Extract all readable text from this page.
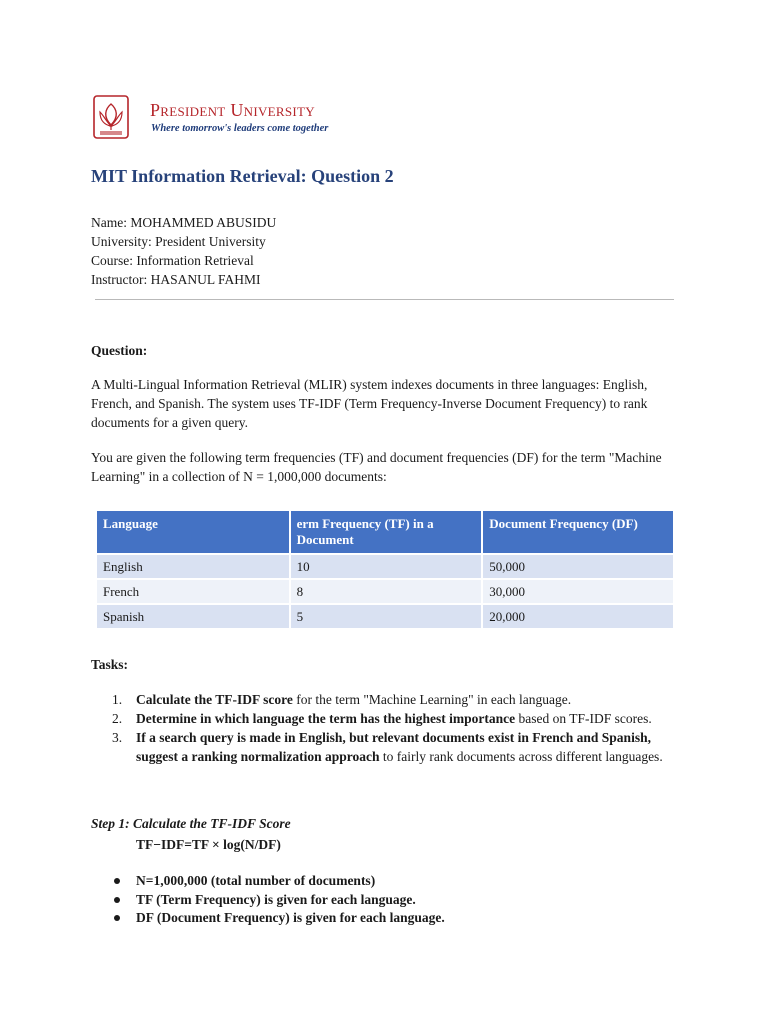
President University
Where tomorrow's leaders come together
MIT Information Retrieval: Question 2
Name: MOHAMMED ABUSIDU
University: President University
Course: Information Retrieval
Instructor: HASANUL FAHMI
Question:
A Multi-Lingual Information Retrieval (MLIR) system indexes documents in three languages: English, French, and Spanish. The system uses TF-IDF (Term Frequency-Inverse Document Frequency) to rank documents for a given query.
You are given the following term frequencies (TF) and document frequencies (DF) for the term "Machine Learning" in a collection of N = 1,000,000 documents:
Language	erm Frequency (TF) in a Document	Document Frequency (DF)
English	10	50,000
French	8	30,000
Spanish	5	20,000
Tasks:
1. Calculate the TF-IDF score for the term "Machine Learning" in each language.
2. Determine in which language the term has the highest importance based on TF-IDF scores.
3. If a search query is made in English, but relevant documents exist in French and Spanish, suggest a ranking normalization approach to fairly rank documents across different languages.
Step 1: Calculate the TF-IDF Score
TF−IDF=TF × log(N/DF)
N=1,000,000 (total number of documents)
TF (Term Frequency) is given for each language.
DF (Document Frequency) is given for each language.
